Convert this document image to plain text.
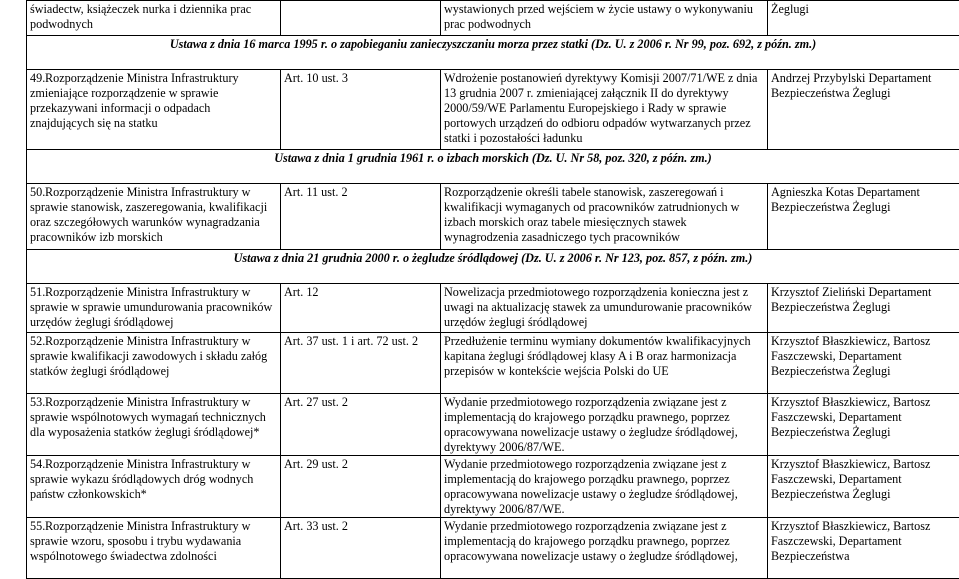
świadectw, książeczek nurka i dziennika prac podwodnych		wystawionych przed wejściem w życie ustawy o wykonywaniu prac podwodnych	Żeglugi
Ustawa z dnia 16 marca 1995 r. o zapobieganiu zanieczyszczaniu morza przez statki (Dz. U. z 2006 r. Nr 99, poz. 692, z późn. zm.)			
49. Rozporządzenie Ministra Infrastruktury zmieniające rozporządzenie w sprawie przekazywani informacji o odpadach znajdujących się na statku	Art. 10 ust. 3	Wdrożenie postanowień dyrektywy Komisji 2007/71/WE z dnia 13 grudnia 2007 r. zmieniającej załącznik II do dyrektywy 2000/59/WE Parlamentu Europejskiego i Rady w sprawie portowych urządzeń do odbioru odpadów wytwarzanych przez statki i pozostałości ładunku	Andrzej Przybylski Departament Bezpieczeństwa Żeglugi
Ustawa z dnia 1 grudnia 1961 r. o izbach morskich (Dz. U. Nr 58, poz. 320, z późn. zm.)			
50. Rozporządzenie Ministra Infrastruktury w sprawie stanowisk, zaszeregowania, kwalifikacji oraz szczegółowych warunków wynagradzania pracowników izb morskich	Art. 11 ust. 2	Rozporządzenie określi tabele stanowisk, zaszeregowań i kwalifikacji wymaganych od pracowników zatrudnionych w izbach morskich oraz tabele miesięcznych stawek wynagrodzenia zasadniczego tych pracowników	Agnieszka Kotas Departament Bezpieczeństwa Żeglugi
Ustawa z dnia 21 grudnia 2000 r. o żegludze śródlądowej (Dz. U. z 2006 r. Nr 123, poz. 857, z późn. zm.)			
51. Rozporządzenie Ministra Infrastruktury w sprawie w sprawie umundurowania pracowników urzędów żeglugi śródlądowej	Art. 12	Nowelizacja przedmiotowego rozporządzenia konieczna jest z uwagi na aktualizację stawek za umundurowanie pracowników urzędów żeglugi śródlądowej	Krzysztof Zieliński Departament Bezpieczeństwa Żeglugi
52. Rozporządzenie Ministra Infrastruktury w sprawie kwalifikacji zawodowych i składu załóg statków żeglugi śródlądowej	Art. 37 ust. 1 i art. 72 ust. 2	Przedłużenie terminu wymiany dokumentów kwalifikacyjnych kapitana żeglugi śródlądowej klasy A i B oraz harmonizacja przepisów w kontekście wejścia Polski do UE	Krzysztof Błaszkiewicz, Bartosz Faszczewski, Departament Bezpieczeństwa Żeglugi
53. Rozporządzenie Ministra Infrastruktury w sprawie wspólnotowych wymagań technicznych dla wyposażenia statków żeglugi śródlądowej*	Art. 27 ust. 2	Wydanie przedmiotowego rozporządzenia związane jest z implementacją do krajowego porządku prawnego, poprzez opracowywana nowelizacje ustawy o żegludze śródlądowej, dyrektywy 2006/87/WE.	Krzysztof Błaszkiewicz, Bartosz Faszczewski, Departament Bezpieczeństwa Żeglugi
54. Rozporządzenie Ministra Infrastruktury w sprawie wykazu śródlądowych dróg wodnych państw członkowskich*	Art. 29 ust. 2	Wydanie przedmiotowego rozporządzenia związane jest z implementacją do krajowego porządku prawnego, poprzez opracowywana nowelizacje ustawy o żegludze śródlądowej, dyrektywy 2006/87/WE.	Krzysztof Błaszkiewicz, Bartosz Faszczewski, Departament Bezpieczeństwa Żeglugi
55. Rozporządzenie Ministra Infrastruktury w sprawie wzoru, sposobu i trybu wydawania wspólnotowego świadectwa zdolności	Art. 33 ust. 2	Wydanie przedmiotowego rozporządzenia związane jest z implementacją do krajowego porządku prawnego, poprzez opracowywana nowelizacje ustawy o żegludze śródlądowej,	Krzysztof Błaszkiewicz, Bartosz Faszczewski, Departament Bezpieczeństwa
